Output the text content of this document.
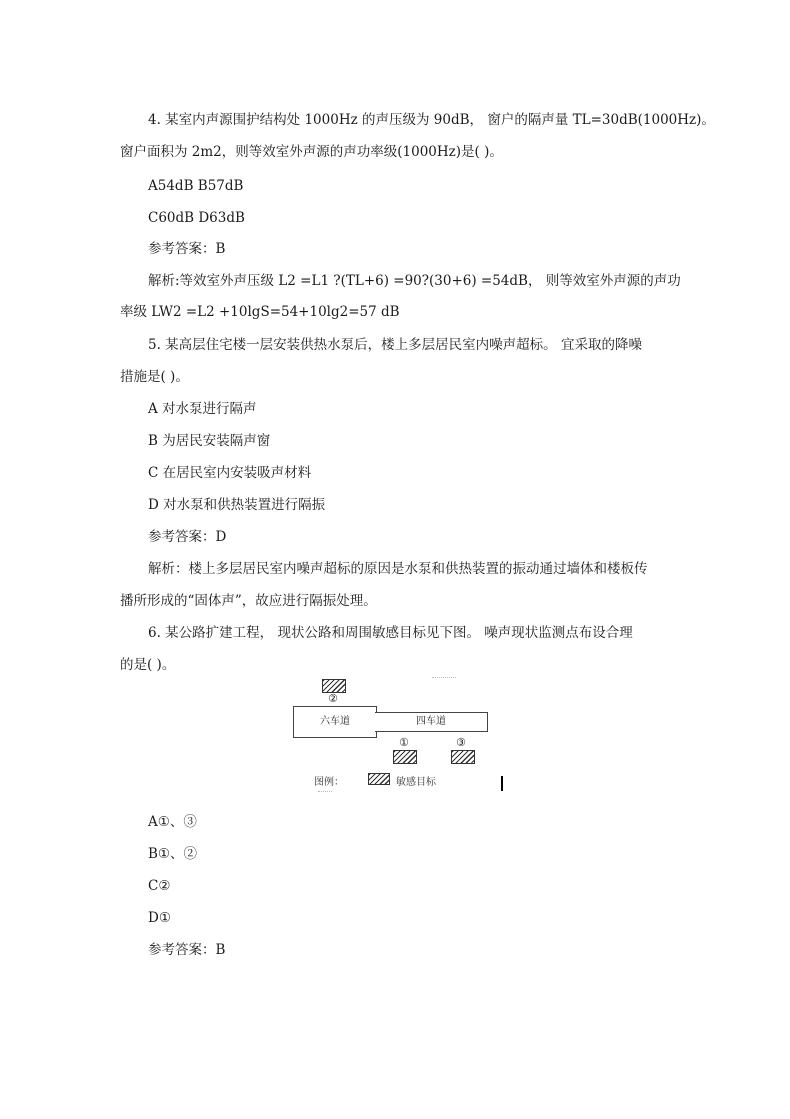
4. 某室内声源围护结构处 1000Hz 的声压级为 90dB， 窗户的隔声量 TL=30dB(1000Hz)。
窗户面积为 2m2，则等效室外声源的声功率级(1000Hz)是( )。
A54dB B57dB
C60dB D63dB
参考答案：B
解析:等效室外声压级 L2 =L1 ?(TL+6) =90?(30+6) =54dB， 则等效室外声源的声功
率级 LW2 =L2 +10lgS=54+10lg2=57 dB
5. 某高层住宅楼一层安装供热水泵后，楼上多层居民室内噪声超标。 宜采取的降噪
措施是( )。
A 对水泵进行隔声
B 为居民安装隔声窗
C 在居民室内安装吸声材料
D 对水泵和供热装置进行隔振
参考答案：D
解析：楼上多层居民室内噪声超标的原因是水泵和供热装置的振动通过墙体和楼板传
播所形成的“固体声”，故应进行隔振处理。
6. 某公路扩建工程， 现状公路和周围敏感目标见下图。 噪声现状监测点布设合理
的是( )。
②
六车道	四车道
①	③
图例：	敏感目标
A①、③
B①、②
C②
D①
参考答案：B
